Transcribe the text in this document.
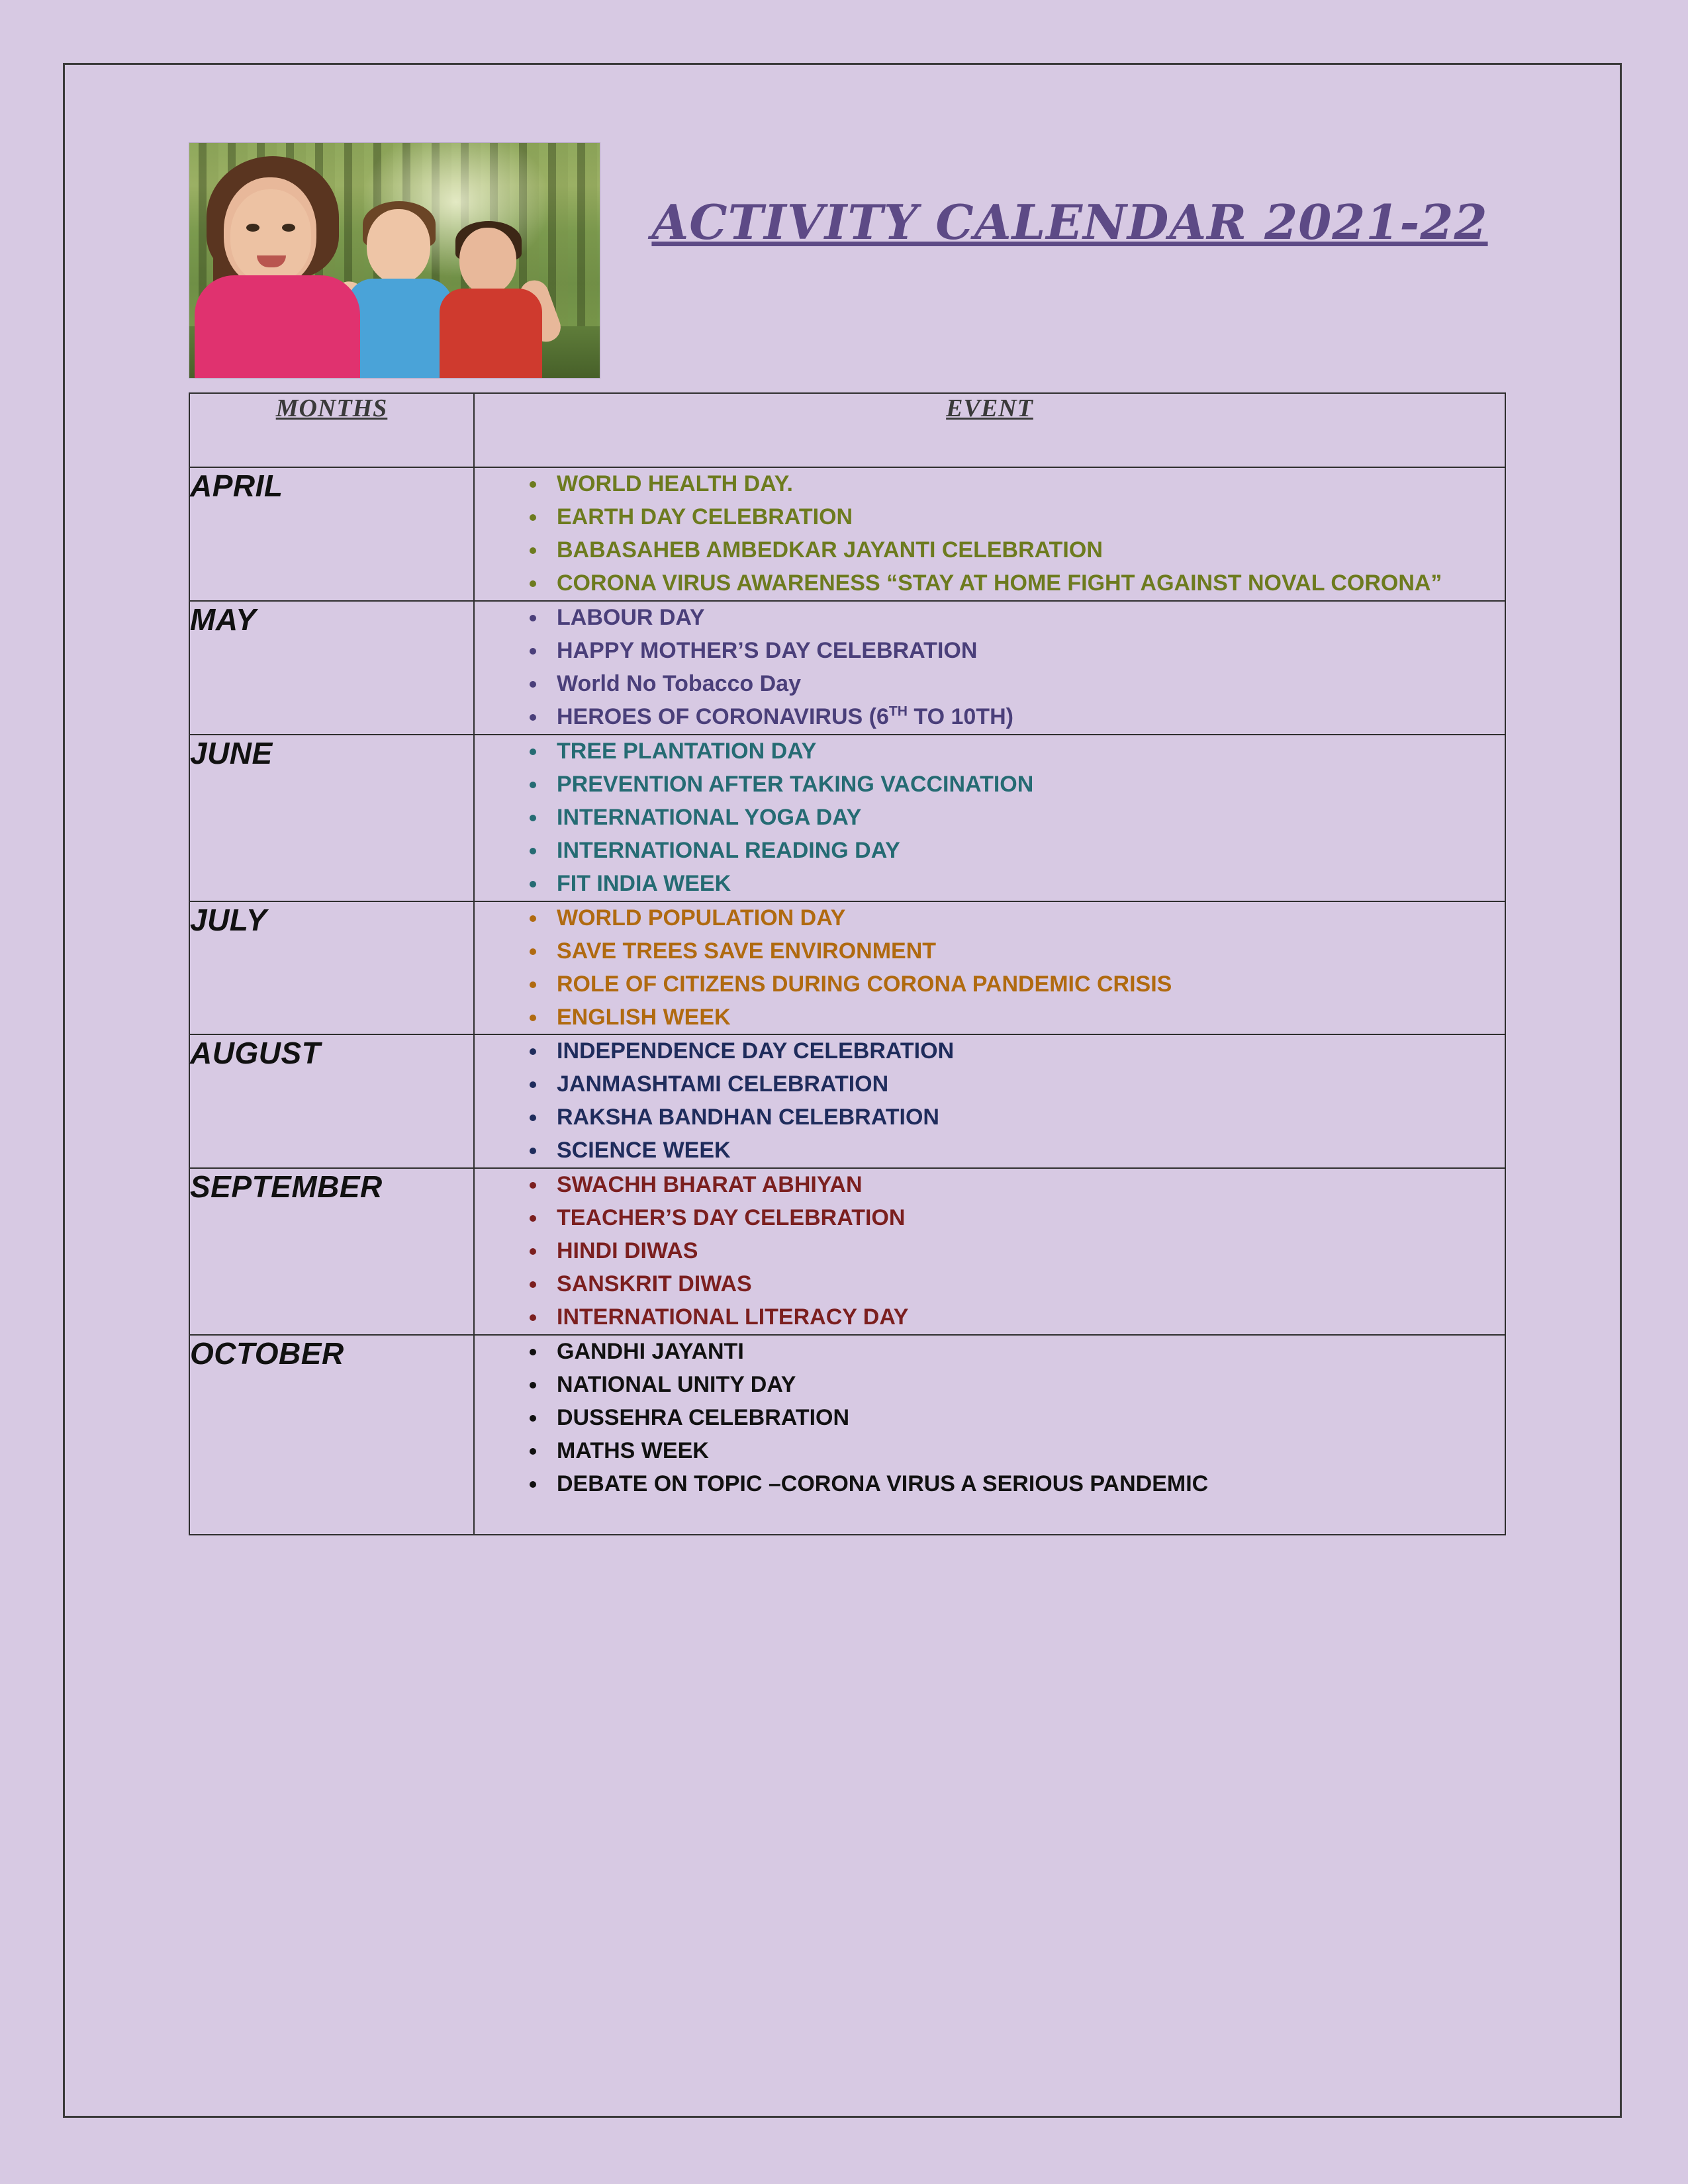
ACTIVITY CALENDAR 2021-22
MONTHS	EVENT

APRIL

•WORLD HEALTH DAY.
• EARTH DAY CELEBRATION
• BABASAHEB AMBEDKAR JAYANTI CELEBRATION
• CORONA VIRUS AWARENESS “STAY AT HOME FIGHT AGAINST NOVAL CORONA”

MAY

•LABOUR DAY
• HAPPY MOTHER’S DAY CELEBRATION
• World No Tobacco Day
• HEROES OF CORONAVIRUS (6TH TO 10TH)

JUNE

•TREE PLANTATION DAY
• PREVENTION AFTER TAKING VACCINATION
• INTERNATIONAL YOGA DAY
• INTERNATIONAL READING DAY
• FIT INDIA WEEK

JULY

•WORLD POPULATION DAY
• SAVE TREES SAVE ENVIRONMENT
• ROLE OF CITIZENS DURING CORONA PANDEMIC CRISIS
• ENGLISH WEEK

AUGUST

•INDEPENDENCE DAY CELEBRATION
• JANMASHTAMI CELEBRATION
• RAKSHA BANDHAN CELEBRATION
• SCIENCE WEEK

SEPTEMBER

•SWACHH BHARAT ABHIYAN
• TEACHER’S DAY CELEBRATION
• HINDI DIWAS
• SANSKRIT DIWAS
• INTERNATIONAL LITERACY DAY

OCTOBER

•GANDHI JAYANTI
• NATIONAL UNITY DAY
• DUSSEHRA CELEBRATION
• MATHS WEEK
• DEBATE ON TOPIC –CORONA VIRUS A SERIOUS PANDEMIC
